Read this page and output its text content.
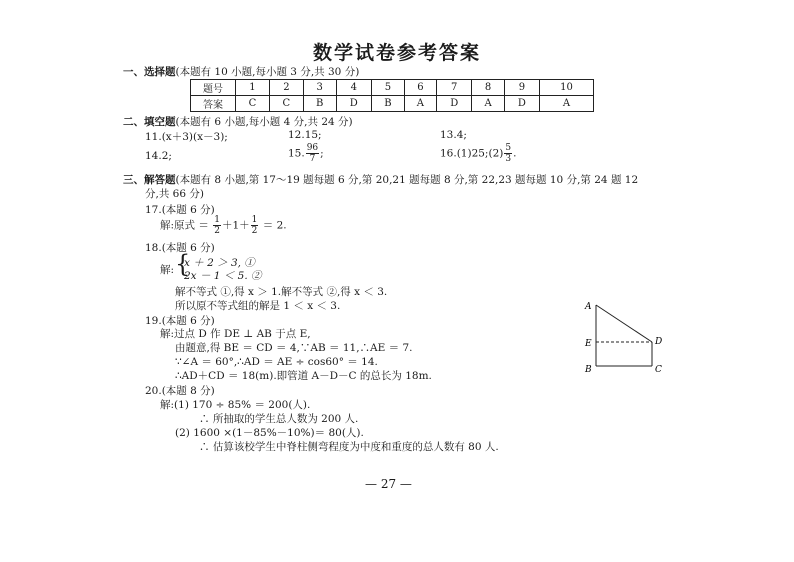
数学试卷参考答案
一、选择题(本题有 10 小题,每小题 3 分,共 30 分)
题号	1	2	3	4	5	6	7	8	9	10
答案	C	C	B	D	B	A	D	A	D	A
二、填空题(本题有 6 小题,每小题 4 分,共 24 分)
11.(x＋3)(x－3);	12.15;	13.4;
14.2;	15. $\frac{96}{7}$ ;	16.(1)25;(2) $\frac{5}{3}$ .
三、解答题(本题有 8 小题,第 17～19 题每题 6 分,第 20,21 题每题 8 分,第 22,23 题每题 10 分,第 24 题 12
分,共 66 分)
17.(本题 6 分)
解:原式 ＝ $\frac{1}{2} +1+ \frac{1}{2} = 2$.
18.(本题 6 分)
解: {
x ＋ 2 ＞ 3, ①
2x － 1 ＜ 5. ②
解不等式 ①,得 x ＞ 1.解不等式 ②,得 x ＜ 3.
所以原不等式组的解是 1 ＜ x ＜ 3.
19.(本题 6 分)
解:过点 D 作 DE ⊥ AB 于点 E,
由题意,得 BE ＝ CD ＝ 4,∵AB ＝ 11,∴AE ＝ 7.
∵∠A ＝ 60°,∴AD ＝ AE ÷ cos60° ＝ 14.
∴AD＋CD ＝ 18(m).即管道 A－D－C 的总长为 18m.
20.(本题 8 分)
解:(1) 170 ÷ 85% ＝ 200(人).
∴ 所抽取的学生总人数为 200 人.
(2) 1600 ×(1－85%－10%)＝ 80(人).
∴ 估算该校学生中脊柱侧弯程度为中度和重度的总人数有 80 人.
A
E
B
D
C
— 27 —
